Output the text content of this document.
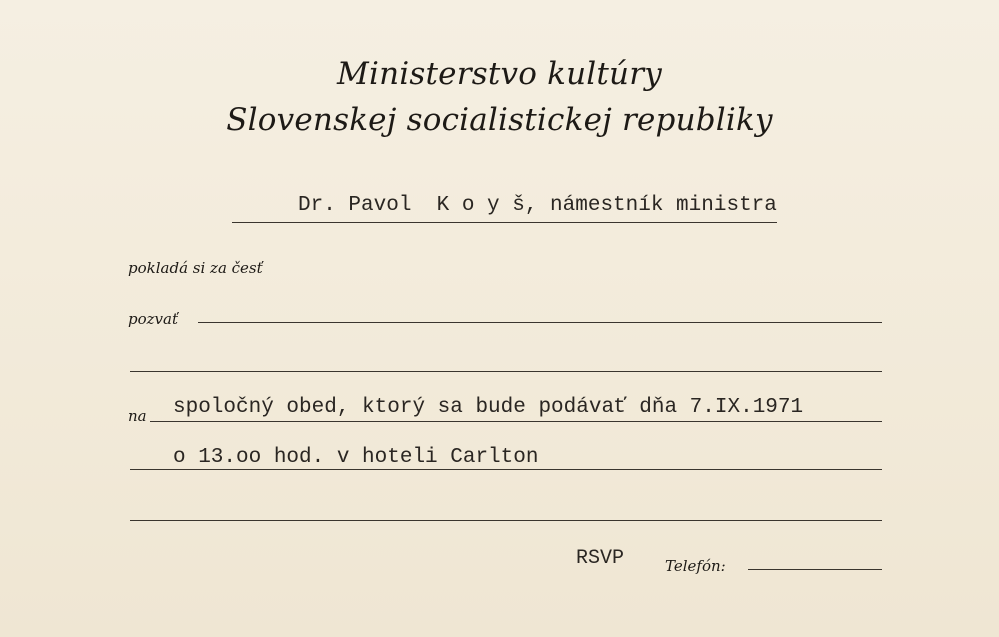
Ministerstvo kultúry
Slovenskej socialistickej republiky
Dr. Pavol  K o y š, námestník ministra
pokladá si za česť
pozvať
na spoločný obed, ktorý sa bude podávať dňa 7.IX.1971
o 13.oo hod. v hoteli Carlton
RSVP	Telefón:
